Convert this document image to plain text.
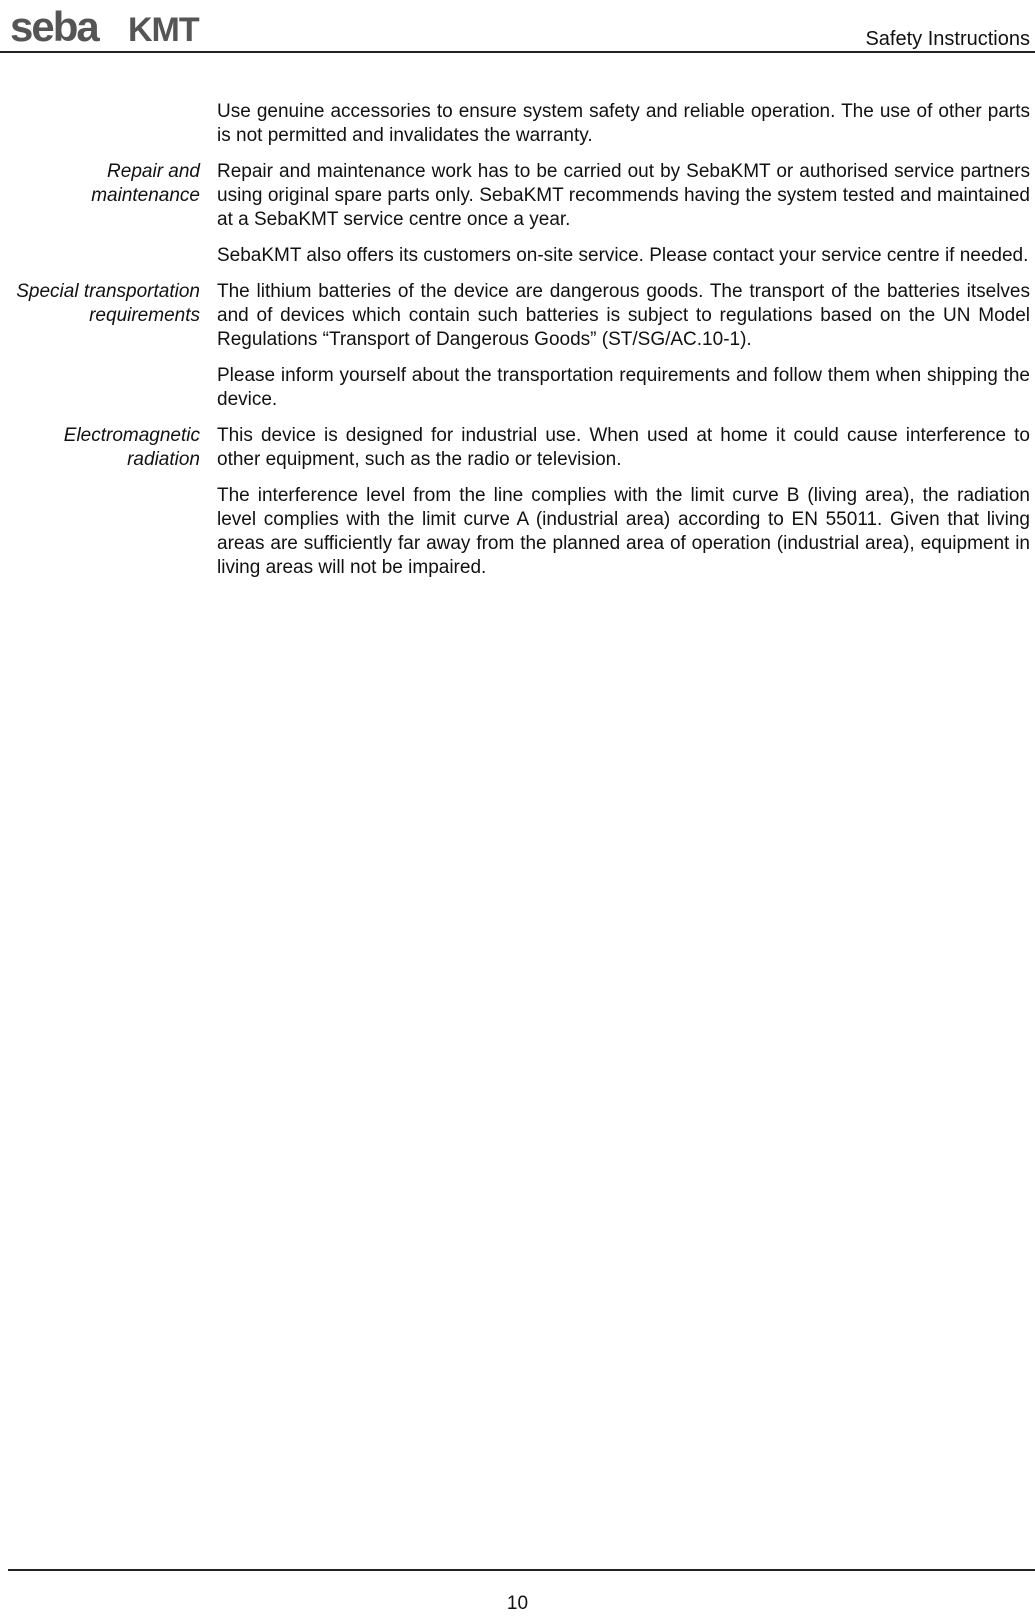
seba KMT	Safety Instructions

Use genuine accessories to ensure system safety and reliable operation. The use of other parts is not permitted and invalidates the warranty.

Repair and
maintenance

Repair and maintenance work has to be carried out by SebaKMT or authorised service partners using original spare parts only. SebaKMT recommends having the system tested and maintained at a SebaKMT service centre once a year.

SebaKMT also offers its customers on-site service. Please contact your service centre if needed.

Special transportation
requirements

The lithium batteries of the device are dangerous goods. The transport of the batteries itselves and of devices which contain such batteries is subject to regulations based on the UN Model Regulations “Transport of Dangerous Goods” (ST/SG/AC.10-1).

Please inform yourself about the transportation requirements and follow them when shipping the device.

Electromagnetic
radiation

This device is designed for industrial use. When used at home it could cause interference to other equipment, such as the radio or television.

The interference level from the line complies with the limit curve B (living area), the radiation level complies with the limit curve A (industrial area) according to EN 55011. Given that living areas are sufficiently far away from the planned area of operation (industrial area), equipment in living areas will not be impaired.

10
